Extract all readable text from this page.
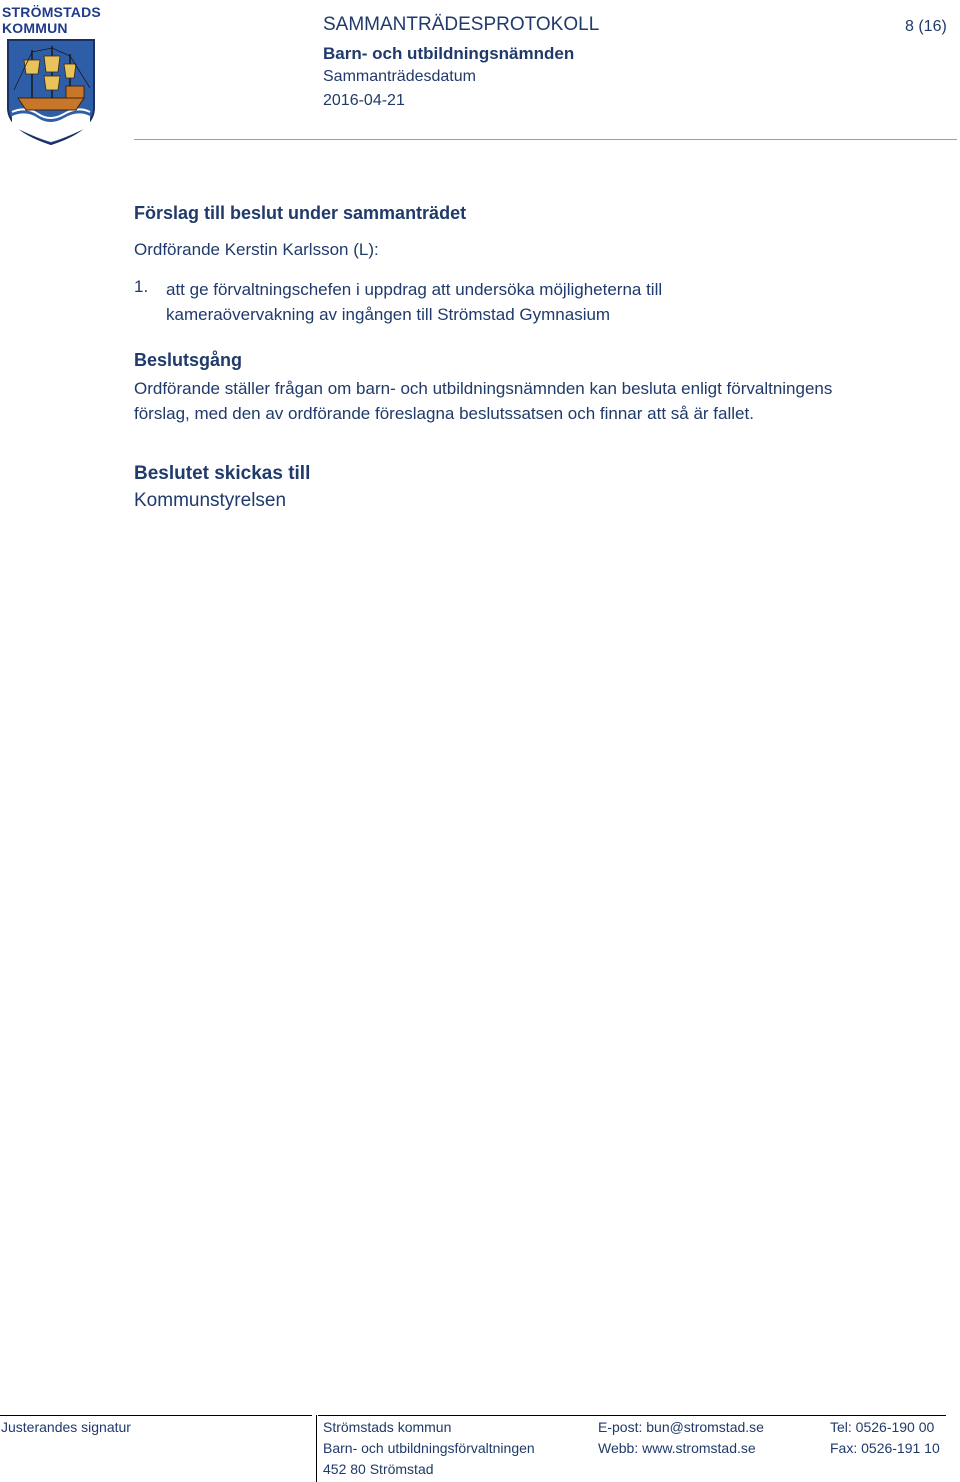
STRÖMSTADS
KOMMUN	SAMMANTRÄDESPROTOKOLL	8 (16)
Barn- och utbildningsnämnden
Sammanträdesdatum
2016-04-21
Förslag till beslut under sammanträdet
Ordförande Kerstin Karlsson (L):
1. att ge förvaltningschefen i uppdrag att undersöka möjligheterna till
kameraövervakning av ingången till Strömstad Gymnasium
Beslutsgång
Ordförande ställer frågan om barn- och utbildningsnämnden kan besluta enligt förvaltningens
förslag, med den av ordförande föreslagna beslutssatsen och finnar att så är fallet.
Beslutet skickas till
Kommunstyrelsen
Justerandes signatur	Strömstads kommun
Barn- och utbildningsförvaltningen
452 80 Strömstad
E-post: bun@stromstad.se
Webb: www.stromstad.se
Tel: 0526-190 00
Fax: 0526-191 10
